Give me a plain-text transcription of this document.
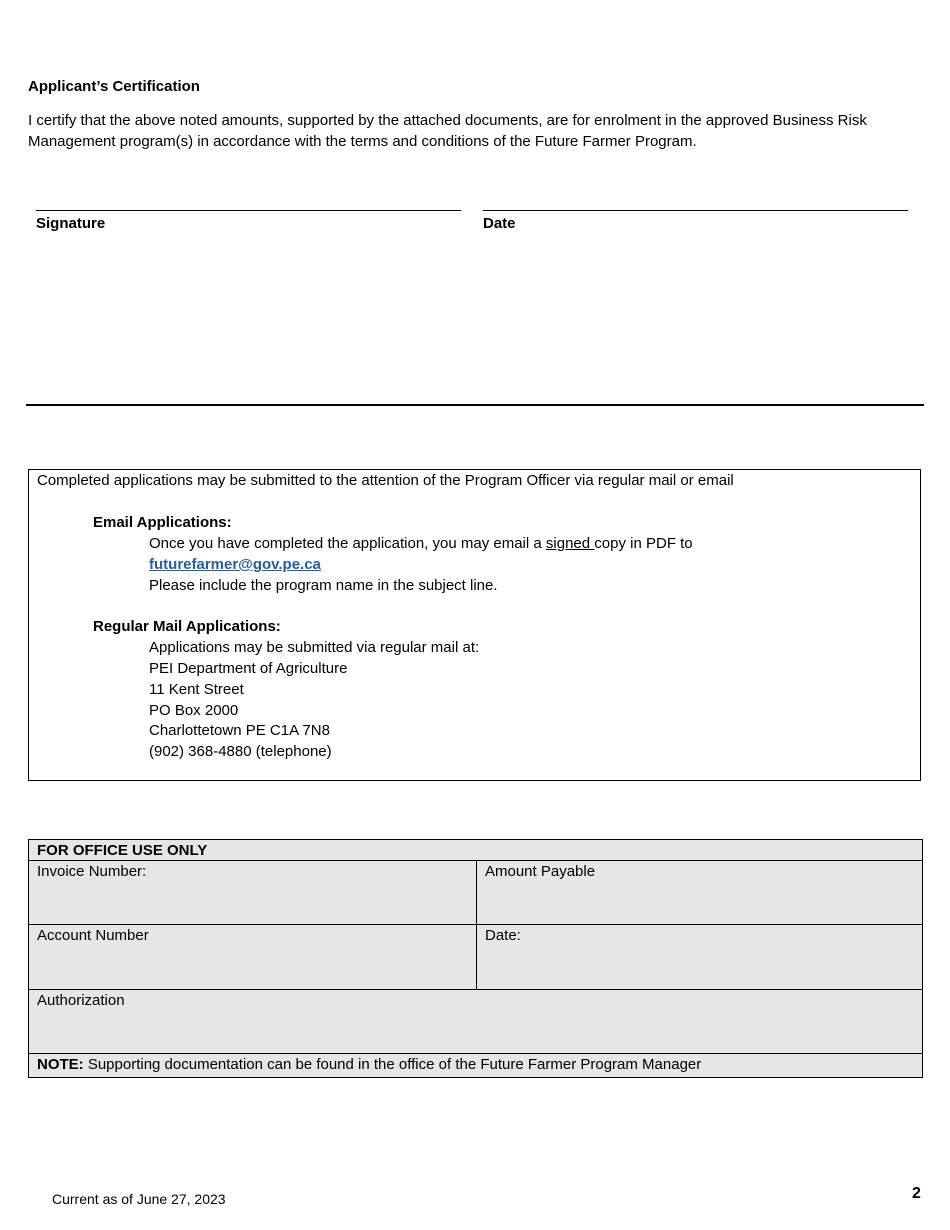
Applicant’s Certification
I certify that the above noted amounts, supported by the attached documents, are for enrolment in the approved Business Risk Management program(s) in accordance with the terms and conditions of the Future Farmer Program.
Signature	Date
Completed applications may be submitted to the attention of the Program Officer via regular mail or email
Email Applications:
Once you have completed the application, you may email a signed copy in PDF to
futurefarmer@gov.pe.ca
Please include the program name in the subject line.
Regular Mail Applications:
Applications may be submitted via regular mail at:
PEI Department of Agriculture
11 Kent Street
PO Box 2000
Charlottetown PE C1A 7N8
(902) 368-4880 (telephone)
FOR OFFICE USE ONLY	
Invoice Number:	Amount Payable
Account Number	Date:
Authorization	
NOTE: Supporting documentation can be found in the office of the Future Farmer Program Manager	
Current as of June 27, 2023	2
